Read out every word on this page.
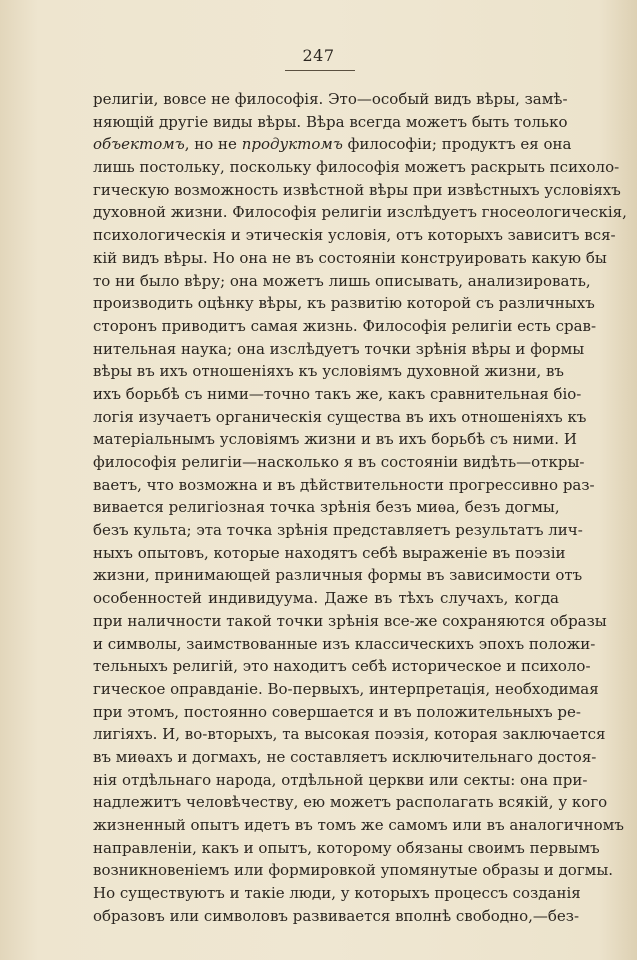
247
религіи, вовсе не философія. Это—особый видъ вѣры, замѣ-
няющій другіе виды вѣры. Вѣра всегда можетъ быть только
объектомъ, но не продуктомъ философіи; продуктъ ея она
лишь постольку, поскольку философія можетъ раскрыть психоло-
гическую возможность извѣстной вѣры при извѣстныхъ условіяхъ
духовной жизни. Философія религіи изслѣдуетъ гносеологическія,
психологическія и этическія условія, отъ которыхъ зависитъ вся-
кій видъ вѣры. Но она не въ состояніи конструировать какую бы
то ни было вѣру; она можетъ лишь описывать, анализировать,
производить оцѣнку вѣры, къ развитію которой съ различныхъ
сторонъ приводитъ самая жизнь. Философія религіи есть срав-
нительная наука; она изслѣдуетъ точки зрѣнія вѣры и формы
вѣры въ ихъ отношеніяхъ къ условіямъ духовной жизни, въ
ихъ борьбѣ съ ними—точно такъ же, какъ сравнительная біо-
логія изучаетъ органическія существа въ ихъ отношеніяхъ къ
матеріальнымъ условіямъ жизни и въ ихъ борьбѣ съ ними. И
философія религіи—насколько я въ состояніи видѣть—откры-
ваетъ, что возможна и въ дѣйствительности прогрессивно раз-
вивается религіозная точка зрѣнія безъ миѳа, безъ догмы,
безъ культа; эта точка зрѣнія представляетъ результатъ лич-
ныхъ опытовъ, которые находятъ себѣ выраженіе въ поэзіи
жизни, принимающей различныя формы въ зависимости отъ
особенностей индивидуума. Даже въ тѣхъ случахъ, когда
при наличности такой точки зрѣнія все-же сохраняются образы
и символы, заимствованные изъ классическихъ эпохъ положи-
тельныхъ религій, это находитъ себѣ историческое и психоло-
гическое оправданіе. Во-первыхъ, интерпретація, необходимая
при этомъ, постоянно совершается и въ положительныхъ ре-
лигіяхъ. И, во-вторыхъ, та высокая поэзія, которая заключается
въ миѳахъ и догмахъ, не составляетъ исключительнаго достоя-
нія отдѣльнаго народа, отдѣльной церкви или секты: она при-
надлежитъ человѣчеству, ею можетъ располагать всякій, у кого
жизненный опытъ идетъ въ томъ же самомъ или въ аналогичномъ
направленіи, какъ и опытъ, которому обязаны своимъ первымъ
возникновеніемъ или формировкой упомянутые образы и догмы.
Но существуютъ и такіе люди, у которыхъ процессъ созданія
образовъ или символовъ развивается вполнѣ свободно,—без-
